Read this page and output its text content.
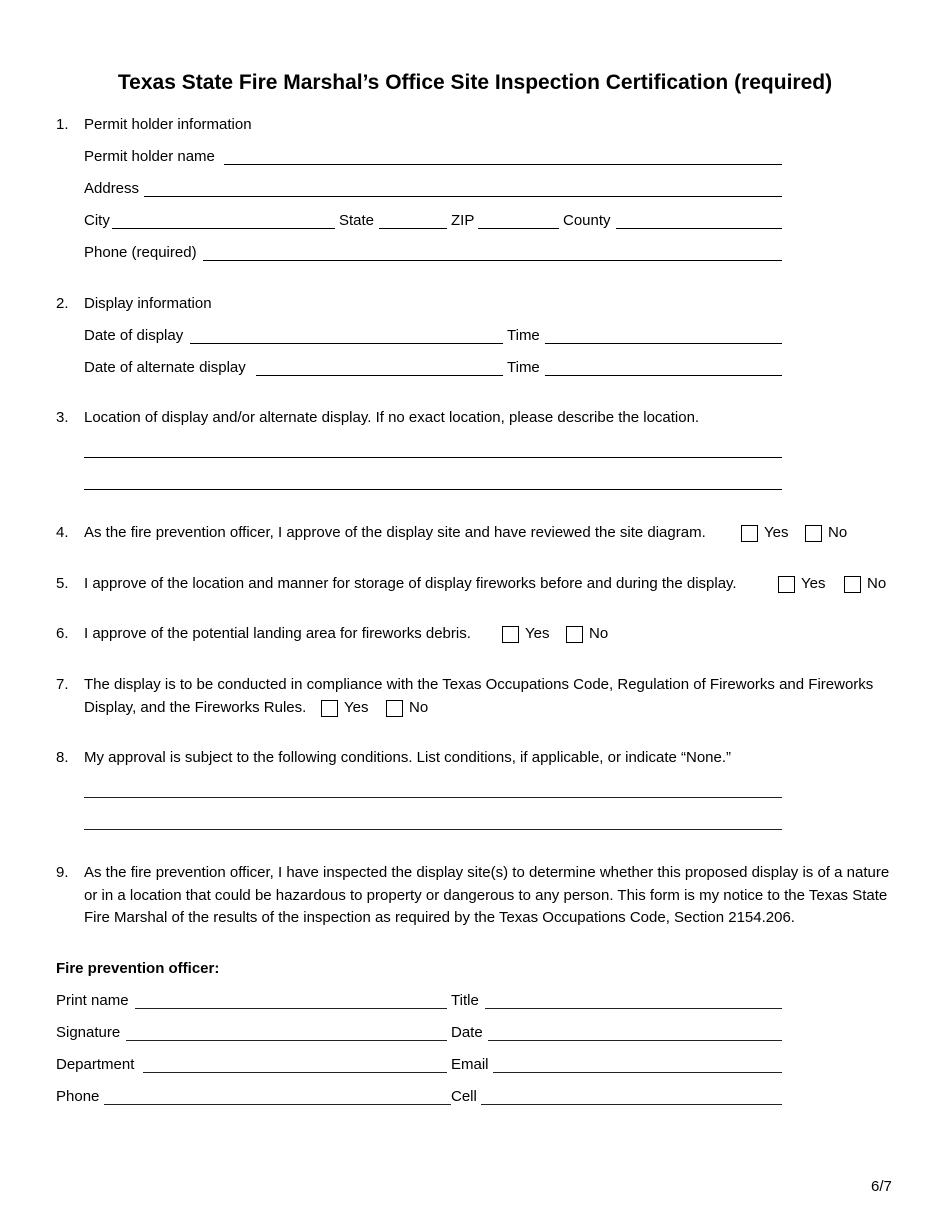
Texas State Fire Marshal’s Office Site Inspection Certification (required)
1. Permit holder information
Permit holder name
Address
City	State	ZIP	County
Phone (required)
2. Display information
Date of display	Time
Date of alternate display	Time
3. Location of display and/or alternate display. If no exact location, please describe the location.
4. As the fire prevention officer, I approve of the display site and have reviewed the site diagram.	Yes	No
5. I approve of the location and manner for storage of display fireworks before and during the display.	Yes	No
6. I approve of the potential landing area for fireworks debris.	Yes	No
7. The display is to be conducted in compliance with the Texas Occupations Code, Regulation of Fireworks and Fireworks
Display, and the Fireworks Rules.	Yes	No
8. My approval is subject to the following conditions. List conditions, if applicable, or indicate “None.”
9. As the fire prevention officer, I have inspected the display site(s) to determine whether this proposed display is of a nature or in a location that could be hazardous to property or dangerous to any person. This form is my notice to the Texas State Fire Marshal of the results of the inspection as required by the Texas Occupations Code, Section 2154.206.
Fire prevention officer:
Print name	Title
Signature	Date
Department	Email
Phone	Cell
6/7
